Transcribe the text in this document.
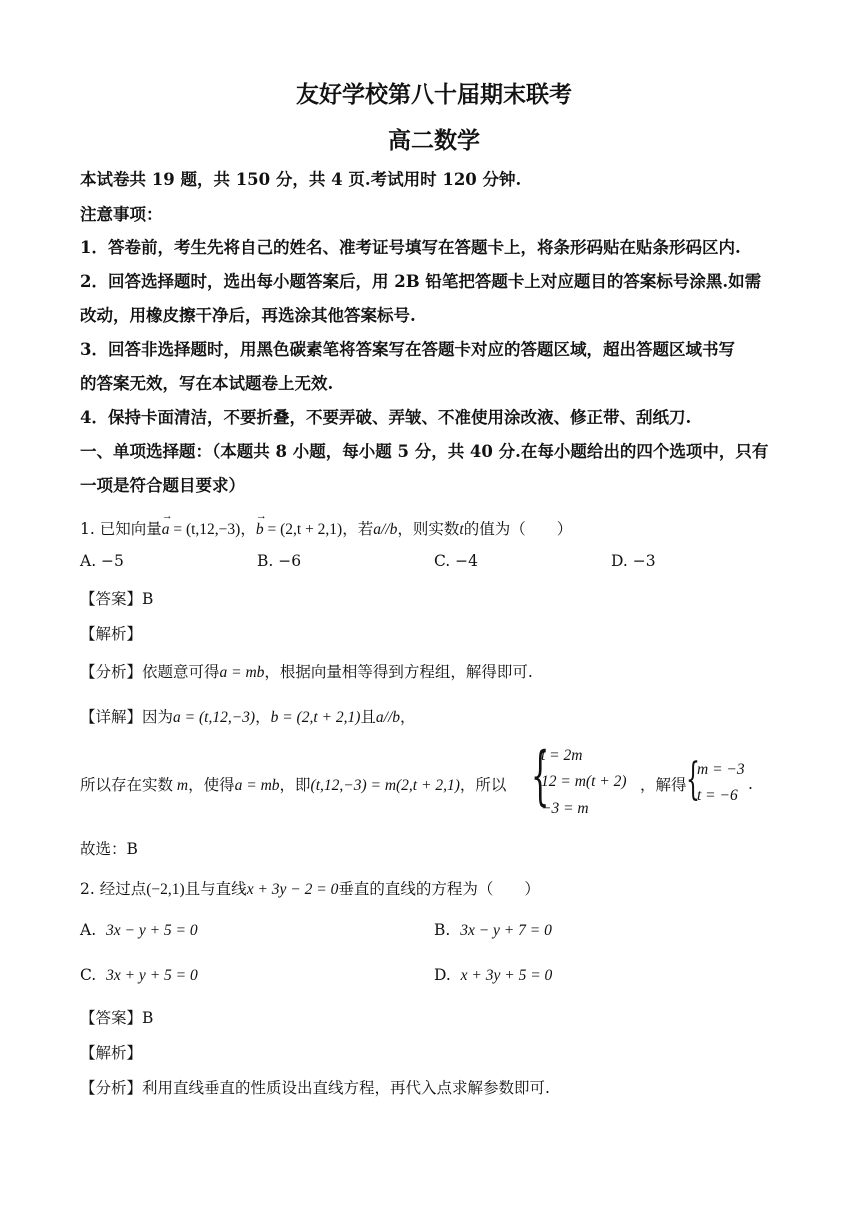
友好学校第八十届期末联考
高二数学
本试卷共 19 题，共 150 分，共 4 页.考试用时 120 分钟.
注意事项：
1．答卷前，考生先将自己的姓名、准考证号填写在答题卡上，将条形码贴在贴条形码区内.
2．回答选择题时，选出每小题答案后，用 2B 铅笔把答题卡上对应题目的答案标号涂黑.如需
改动，用橡皮擦干净后，再选涂其他答案标号.
3．回答非选择题时，用黑色碳素笔将答案写在答题卡对应的答题区域，超出答题区域书写
的答案无效，写在本试题卷上无效.
4．保持卡面清洁，不要折叠，不要弄破、弄皱、不准使用涂改液、修正带、刮纸刀.
一、单项选择题：（本题共 8 小题，每小题 5 分，共 40 分.在每小题给出的四个选项中，只有
一项是符合题目要求）
1. 已知向量→ a = (t,12,−3)，→ b = (2,t + 2,1)，若a//b，则实数t的值为（　　）
A. −5	B. −6	C. −4	D. −3
【答案】B
【解析】
【分析】依题意可得a = mb，根据向量相等得到方程组，解得即可.
【详解】因为a = (t,12,−3)，b = (2,t + 2,1)且a//b，
所以存在实数 m，使得a = mb，即(t,12,−3) = m(2,t + 2,1)，所以 {
t = 2m
12 = m(t + 2)
−3 = m
，解得 {
m = −3
t = −6
.
故选：B
2. 经过点(−2,1)且与直线x + 3y − 2 = 0垂直的直线的方程为（　　）
A. 3x − y + 5 = 0	B. 3x − y + 7 = 0
C. 3x + y + 5 = 0	D. x + 3y + 5 = 0
【答案】B
【解析】
【分析】利用直线垂直的性质设出直线方程，再代入点求解参数即可.
